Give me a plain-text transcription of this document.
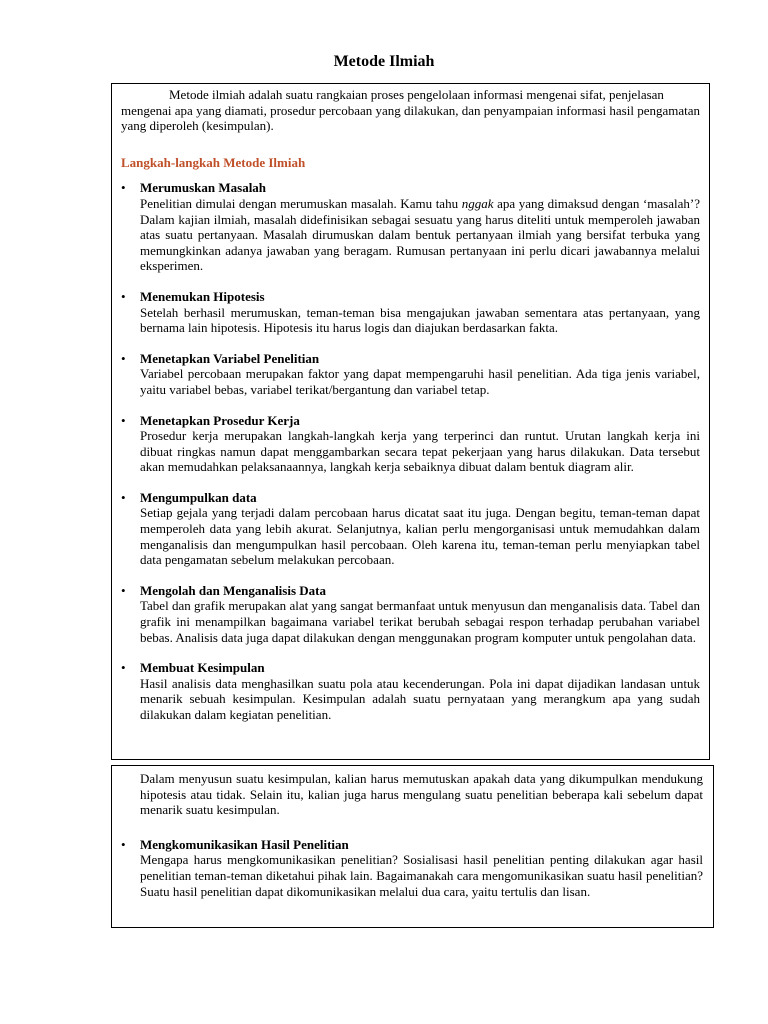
Metode Ilmiah

Metode ilmiah adalah suatu rangkaian proses pengelolaan informasi mengenai sifat, penjelasan mengenai apa yang diamati, prosedur percobaan yang dilakukan, dan penyampaian informasi hasil pengamatan yang diperoleh (kesimpulan).

Langkah-langkah Metode Ilmiah

• Merumuskan Masalah

Penelitian dimulai dengan merumuskan masalah. Kamu tahu nggak apa yang dimaksud dengan ‘masalah’? Dalam kajian ilmiah, masalah didefinisikan sebagai sesuatu yang harus diteliti untuk memperoleh jawaban atas suatu pertanyaan. Masalah dirumuskan dalam bentuk pertanyaan ilmiah yang bersifat terbuka yang memungkinkan adanya jawaban yang beragam. Rumusan pertanyaan ini perlu dicari jawabannya melalui eksperimen.

• Menemukan Hipotesis

Setelah berhasil merumuskan, teman-teman bisa mengajukan jawaban sementara atas pertanyaan, yang bernama lain hipotesis. Hipotesis itu harus logis dan diajukan berdasarkan fakta.

• Menetapkan Variabel Penelitian

Variabel percobaan merupakan faktor yang dapat mempengaruhi hasil penelitian. Ada tiga jenis variabel, yaitu variabel bebas, variabel terikat/bergantung dan variabel tetap.

• Menetapkan Prosedur Kerja

Prosedur kerja merupakan langkah-langkah kerja yang terperinci dan runtut. Urutan langkah kerja ini dibuat ringkas namun dapat menggambarkan secara tepat pekerjaan yang harus dilakukan. Data tersebut akan memudahkan pelaksanaannya, langkah kerja sebaiknya dibuat dalam bentuk diagram alir.

• Mengumpulkan data

Setiap gejala yang terjadi dalam percobaan harus dicatat saat itu juga. Dengan begitu, teman-teman dapat memperoleh data yang lebih akurat. Selanjutnya, kalian perlu mengorganisasi untuk memudahkan dalam menganalisis dan mengumpulkan hasil percobaan. Oleh karena itu, teman-teman perlu menyiapkan tabel data pengamatan sebelum melakukan percobaan.

• Mengolah dan Menganalisis Data

Tabel dan grafik merupakan alat yang sangat bermanfaat untuk menyusun dan menganalisis data. Tabel dan grafik ini menampilkan bagaimana variabel terikat berubah sebagai respon terhadap perubahan variabel bebas. Analisis data juga dapat dilakukan dengan menggunakan program komputer untuk pengolahan data.

• Membuat Kesimpulan

Hasil analisis data menghasilkan suatu pola atau kecenderungan. Pola ini dapat dijadikan landasan untuk menarik sebuah kesimpulan. Kesimpulan adalah suatu pernyataan yang merangkum apa yang sudah dilakukan dalam kegiatan penelitian.

Dalam menyusun suatu kesimpulan, kalian harus memutuskan apakah data yang dikumpulkan mendukung hipotesis atau tidak. Selain itu, kalian juga harus mengulang suatu penelitian beberapa kali sebelum dapat menarik suatu kesimpulan.

• Mengkomunikasikan Hasil Penelitian

Mengapa harus mengkomunikasikan penelitian? Sosialisasi hasil penelitian penting dilakukan agar hasil penelitian teman-teman diketahui pihak lain. Bagaimanakah cara mengomunikasikan suatu hasil penelitian? Suatu hasil penelitian dapat dikomunikasikan melalui dua cara, yaitu tertulis dan lisan.
